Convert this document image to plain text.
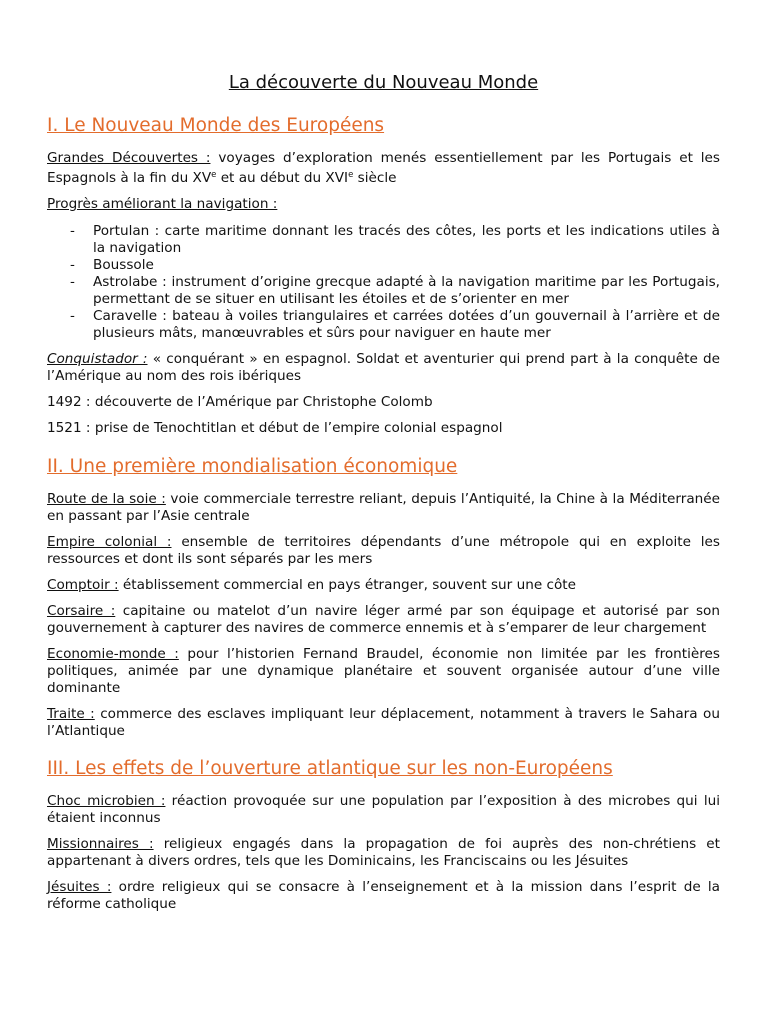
La découverte du Nouveau Monde
I. Le Nouveau Monde des Européens

Grandes Découvertes : voyages d’exploration menés essentiellement par les Portugais et les Espagnols à la fin du XVe et au début du XVIe siècle

Progrès améliorant la navigation :

- Portulan : carte maritime donnant les tracés des côtes, les ports et les indications utiles à la navigation
- Boussole
- Astrolabe : instrument d’origine grecque adapté à la navigation maritime par les Portugais, permettant de se situer en utilisant les étoiles et de s’orienter en mer
- Caravelle : bateau à voiles triangulaires et carrées dotées d’un gouvernail à l’arrière et de plusieurs mâts, manœuvrables et sûrs pour naviguer en haute mer

Conquistador : « conquérant » en espagnol. Soldat et aventurier qui prend part à la conquête de l’Amérique au nom des rois ibériques

1492 : découverte de l’Amérique par Christophe Colomb

1521 : prise de Tenochtitlan et début de l’empire colonial espagnol

II. Une première mondialisation économique

Route de la soie : voie commerciale terrestre reliant, depuis l’Antiquité, la Chine à la Méditerranée en passant par l’Asie centrale

Empire colonial : ensemble de territoires dépendants d’une métropole qui en exploite les ressources et dont ils sont séparés par les mers

Comptoir : établissement commercial en pays étranger, souvent sur une côte

Corsaire : capitaine ou matelot d’un navire léger armé par son équipage et autorisé par son gouvernement à capturer des navires de commerce ennemis et à s’emparer de leur chargement

Economie-monde : pour l’historien Fernand Braudel, économie non limitée par les frontières politiques, animée par une dynamique planétaire et souvent organisée autour d’une ville dominante

Traite : commerce des esclaves impliquant leur déplacement, notamment à travers le Sahara ou l’Atlantique

III. Les effets de l’ouverture atlantique sur les non-Européens

Choc microbien : réaction provoquée sur une population par l’exposition à des microbes qui lui étaient inconnus

Missionnaires : religieux engagés dans la propagation de foi auprès des non-chrétiens et appartenant à divers ordres, tels que les Dominicains, les Franciscains ou les Jésuites

Jésuites : ordre religieux qui se consacre à l’enseignement et à la mission dans l’esprit de la réforme catholique
